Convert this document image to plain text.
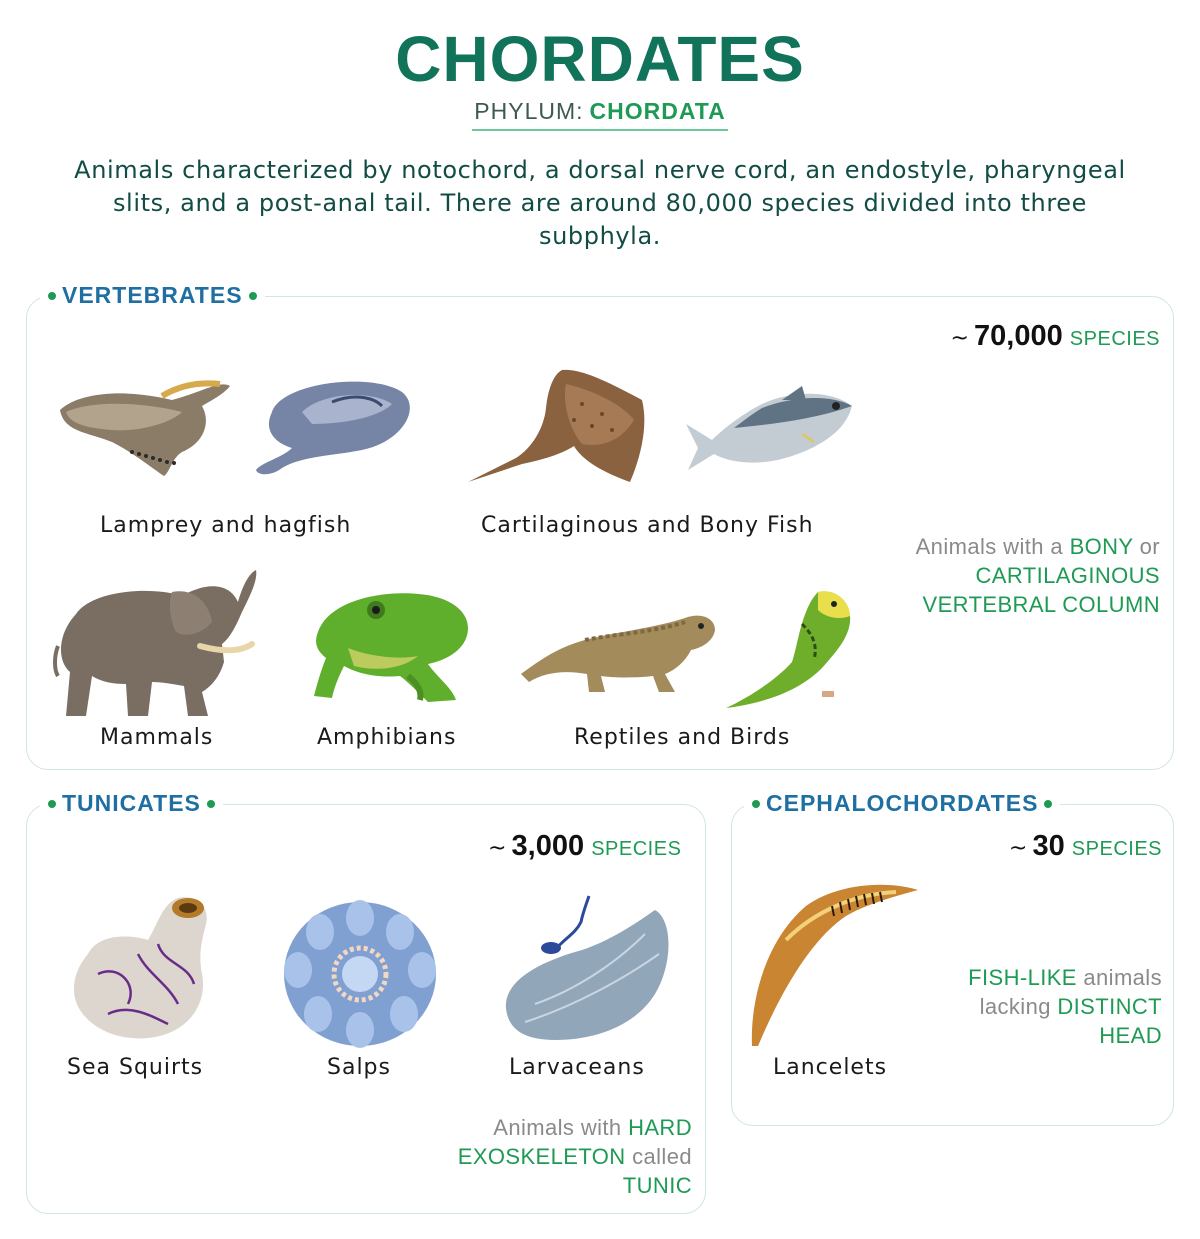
CHORDATES
PHYLUM: CHORDATA
Animals characterized by notochord, a dorsal nerve cord, an endostyle, pharyngeal slits, and a post-anal tail. There are around 80,000 species divided into three subphyla.
VERTEBRATES
~ 70,000 SPECIES
Animals with a BONY or CARTILAGINOUS VERTEBRAL COLUMN
Lamprey and hagfish	Cartilaginous and Bony Fish
Mammals	Amphibians	Reptiles and Birds
TUNICATES
~ 3,000 SPECIES
Animals with HARD EXOSKELETON called TUNIC
Sea Squirts	Salps	Larvaceans
CEPHALOCHORDATES
~ 30 SPECIES
FISH-LIKE animals lacking DISTINCT HEAD
Lancelets
